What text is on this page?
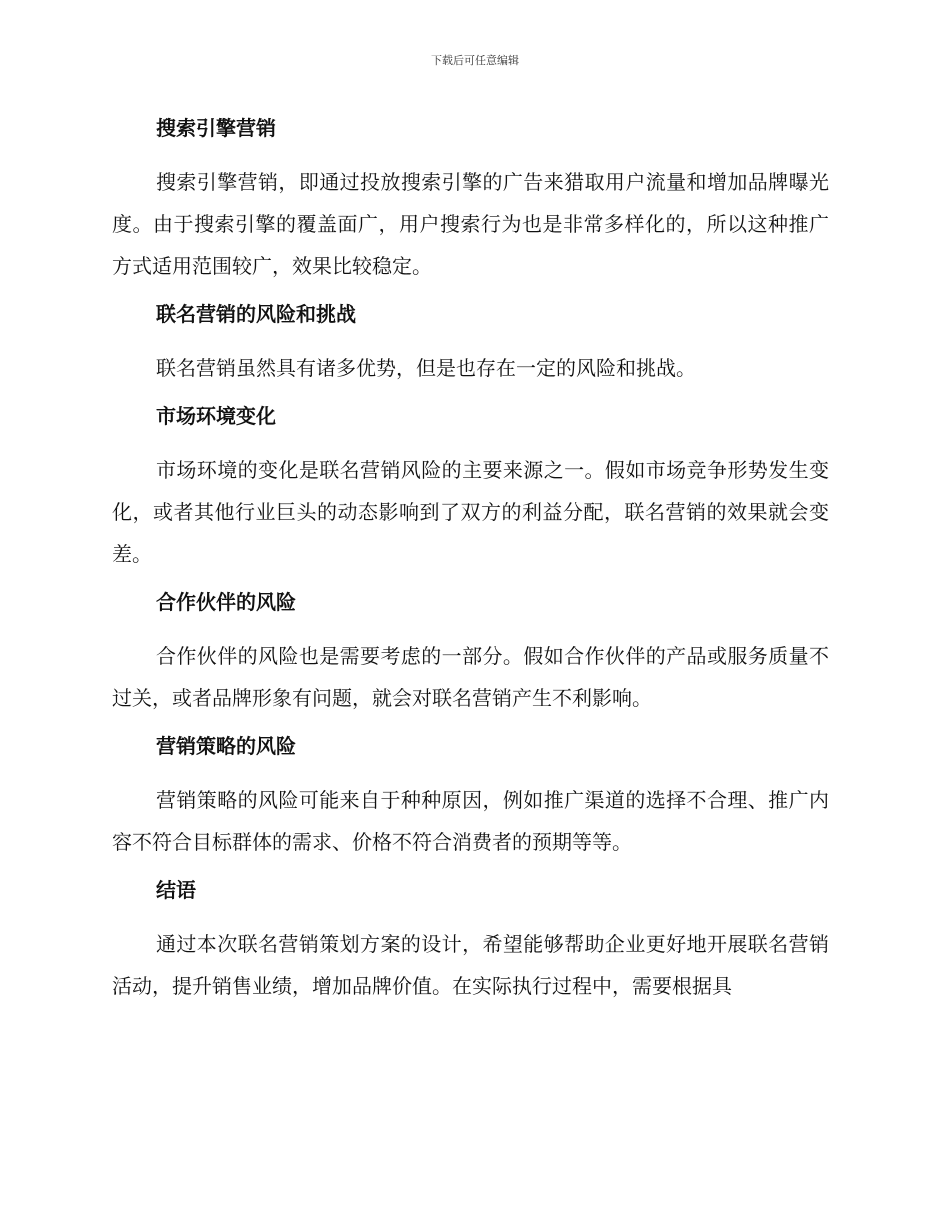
下载后可任意编辑
搜索引擎营销

搜索引擎营销，即通过投放搜索引擎的广告来猎取用户流量和增加品牌曝光度。由于搜索引擎的覆盖面广，用户搜索行为也是非常多样化的，所以这种推广方式适用范围较广，效果比较稳定。

联名营销的风险和挑战

联名营销虽然具有诸多优势，但是也存在一定的风险和挑战。

市场环境变化

市场环境的变化是联名营销风险的主要来源之一。假如市场竞争形势发生变化，或者其他行业巨头的动态影响到了双方的利益分配，联名营销的效果就会变差。

合作伙伴的风险

合作伙伴的风险也是需要考虑的一部分。假如合作伙伴的产品或服务质量不过关，或者品牌形象有问题，就会对联名营销产生不利影响。

营销策略的风险

营销策略的风险可能来自于种种原因，例如推广渠道的选择不合理、推广内容不符合目标群体的需求、价格不符合消费者的预期等等。

结语

通过本次联名营销策划方案的设计，希望能够帮助企业更好地开展联名营销活动，提升销售业绩，增加品牌价值。在实际执行过程中，需要根据具
